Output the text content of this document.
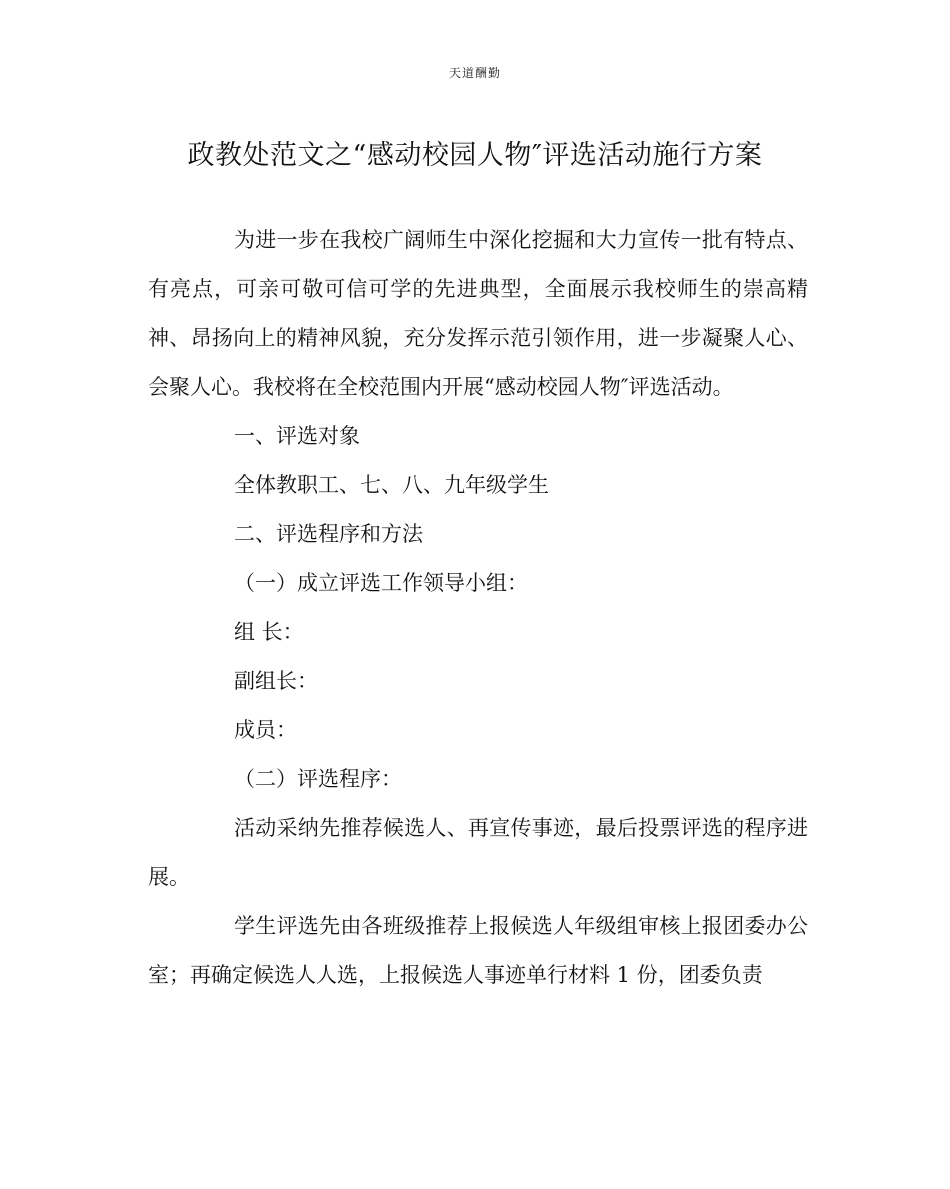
天道酬勤
政教处范文之“感动校园人物″评选活动施行方案

为进一步在我校广阔师生中深化挖掘和大力宣传一批有特点、有亮点，可亲可敬可信可学的先进典型，全面展示我校师生的崇高精神、昂扬向上的精神风貌，充分发挥示范引领作用，进一步凝聚人心、会聚人心。我校将在全校范围内开展“感动校园人物″评选活动。

一、评选对象

全体教职工、七、八、九年级学生

二、评选程序和方法

（一）成立评选工作领导小组：

组 长：

副组长：

成员：

（二）评选程序：

活动采纳先推荐候选人、再宣传事迹，最后投票评选的程序进展。

学生评选先由各班级推荐上报候选人年级组审核上报团委办公室；再确定候选人人选，上报候选人事迹单行材料 1 份，团委负责
